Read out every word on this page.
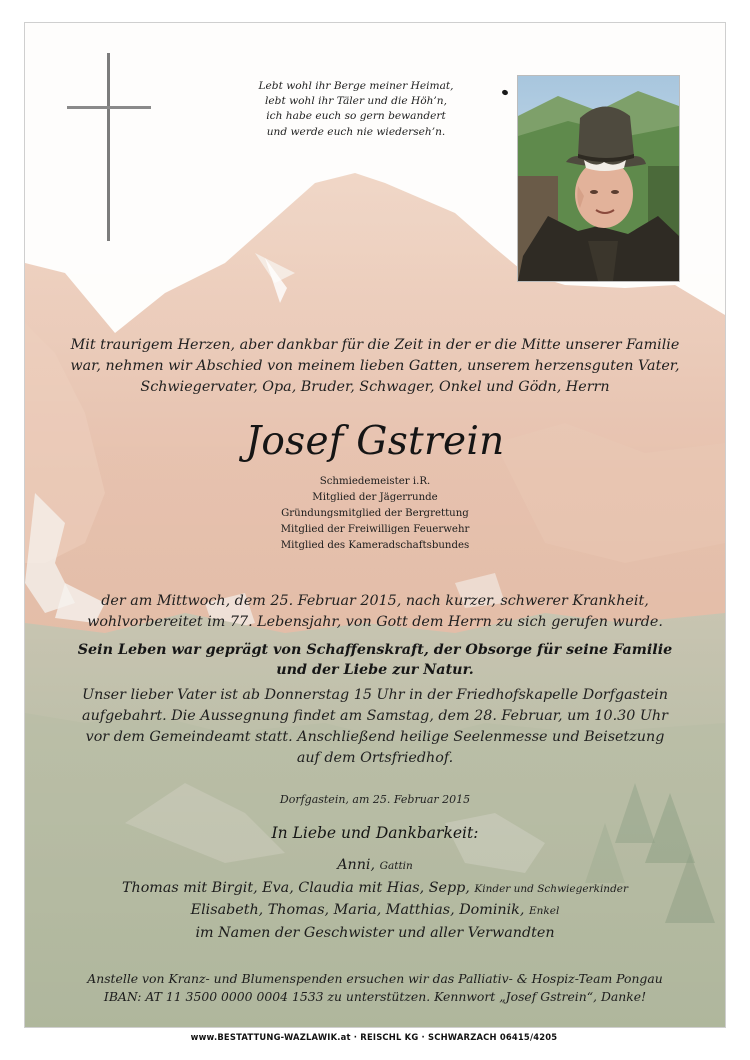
Lebt wohl ihr Berge meiner Heimat,
lebt wohl ihr Täler und die Höh’n,
ich habe euch so gern bewandert
und werde euch nie wiederseh’n.
Mit traurigem Herzen, aber dankbar für die Zeit in der er die Mitte unserer Familie
war, nehmen wir Abschied von meinem lieben Gatten, unserem herzensguten Vater,
Schwiegervater, Opa, Bruder, Schwager, Onkel und Gödn, Herrn
Josef Gstrein
Schmiedemeister i.R.
Mitglied der Jägerrunde
Gründungsmitglied der Bergrettung
Mitglied der Freiwilligen Feuerwehr
Mitglied des Kameradschaftsbundes
der am Mittwoch, dem 25. Februar 2015, nach kurzer, schwerer Krankheit,
wohlvorbereitet im 77. Lebensjahr, von Gott dem Herrn zu sich gerufen wurde.
Sein Leben war geprägt von Schaffenskraft, der Obsorge für seine Familie
und der Liebe zur Natur.
Unser lieber Vater ist ab Donnerstag 15 Uhr in der Friedhofskapelle Dorfgastein
aufgebahrt. Die Aussegnung findet am Samstag, dem 28. Februar, um 10.30 Uhr
vor dem Gemeindeamt statt. Anschließend heilige Seelenmesse und Beisetzung
auf dem Ortsfriedhof.
Dorfgastein, am 25. Februar 2015
In Liebe und Dankbarkeit:
Anni, Gattin
Thomas mit Birgit, Eva, Claudia mit Hias, Sepp, Kinder und Schwiegerkinder
Elisabeth, Thomas, Maria, Matthias, Dominik, Enkel
im Namen der Geschwister und aller Verwandten
Anstelle von Kranz- und Blumenspenden ersuchen wir das Palliativ- & Hospiz-Team Pongau
IBAN: AT 11 3500 0000 0004 1533 zu unterstützen. Kennwort „Josef Gstrein“, Danke!
www.BESTATTUNG-WAZLAWIK.at · REISCHL KG · SCHWARZACH 06415/4205
